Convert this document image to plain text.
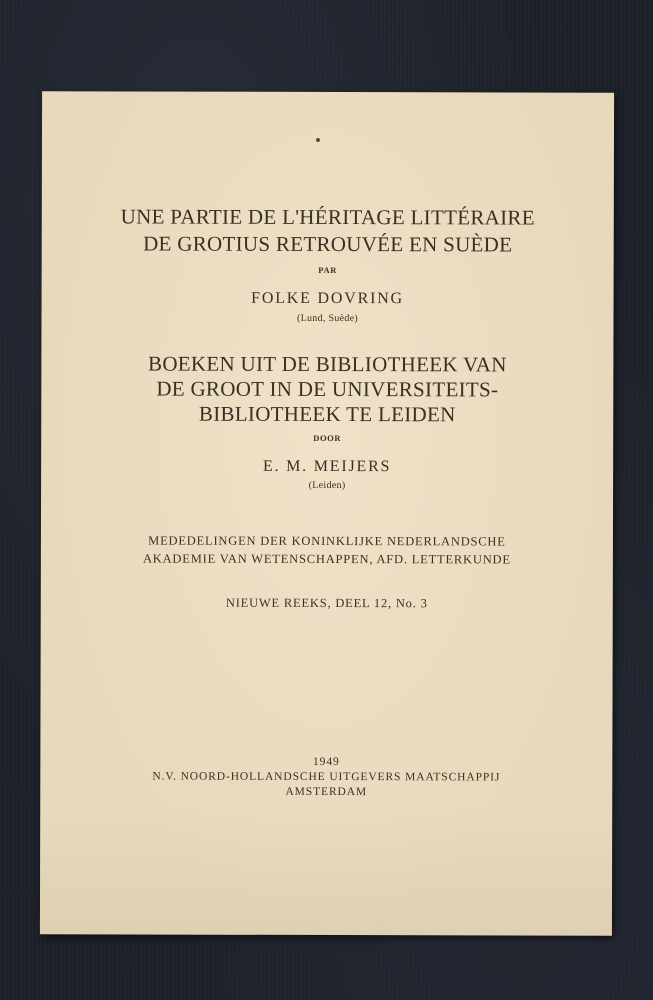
UNE PARTIE DE L'HÉRITAGE LITTÉRAIRE
DE GROTIUS RETROUVÉE EN SUÈDE
PAR
FOLKE DOVRING
(Lund, Suède)
BOEKEN UIT DE BIBLIOTHEEK VAN
DE GROOT IN DE UNIVERSITEITS-
BIBLIOTHEEK TE LEIDEN
DOOR
E. M. MEIJERS
(Leiden)
MEDEDELINGEN DER KONINKLIJKE NEDERLANDSCHE
AKADEMIE VAN WETENSCHAPPEN, AFD. LETTERKUNDE
NIEUWE REEKS, DEEL 12, No. 3
1949
N.V. NOORD-HOLLANDSCHE UITGEVERS MAATSCHAPPIJ
AMSTERDAM
